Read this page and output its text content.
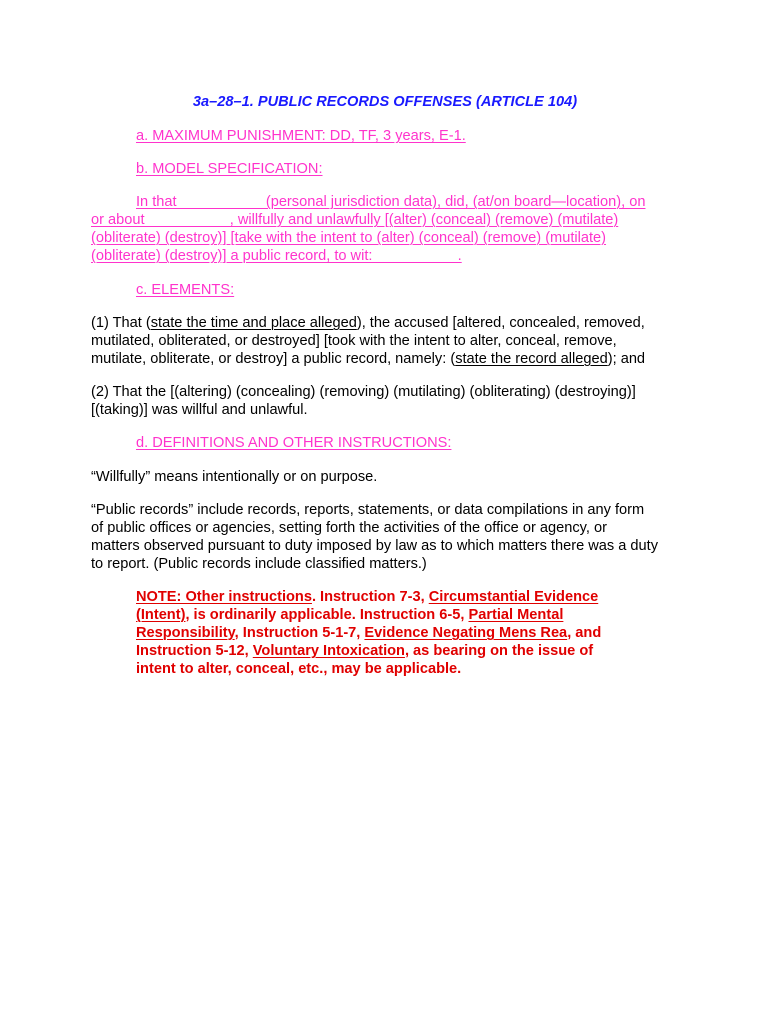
3a–28–1. PUBLIC RECORDS OFFENSES (ARTICLE 104)
a. MAXIMUM PUNISHMENT: DD, TF, 3 years, E-1.
b. MODEL SPECIFICATION:
In that __________ (personal jurisdiction data), did, (at/on board—location), on
or about __________, willfully and unlawfully [(alter) (conceal) (remove) (mutilate)
(obliterate) (destroy)] [take with the intent to (alter) (conceal) (remove) (mutilate)
(obliterate) (destroy)] a public record, to wit: __________.
c. ELEMENTS:
(1) That (state the time and place alleged), the accused [altered, concealed, removed,
mutilated, obliterated, or destroyed] [took with the intent to alter, conceal, remove,
mutilate, obliterate, or destroy] a public record, namely: (state the record alleged); and
(2) That the [(altering) (concealing) (removing) (mutilating) (obliterating) (destroying)]
[(taking)] was willful and unlawful.
d. DEFINITIONS AND OTHER INSTRUCTIONS:
“Willfully” means intentionally or on purpose.
“Public records” include records, reports, statements, or data compilations in any form
of public offices or agencies, setting forth the activities of the office or agency, or
matters observed pursuant to duty imposed by law as to which matters there was a duty
to report. (Public records include classified matters.)
NOTE: Other instructions. Instruction 7-3, Circumstantial Evidence
(Intent), is ordinarily applicable. Instruction 6-5, Partial Mental
Responsibility, Instruction 5-1-7, Evidence Negating Mens Rea, and
Instruction 5-12, Voluntary Intoxication, as bearing on the issue of
intent to alter, conceal, etc., may be applicable.
